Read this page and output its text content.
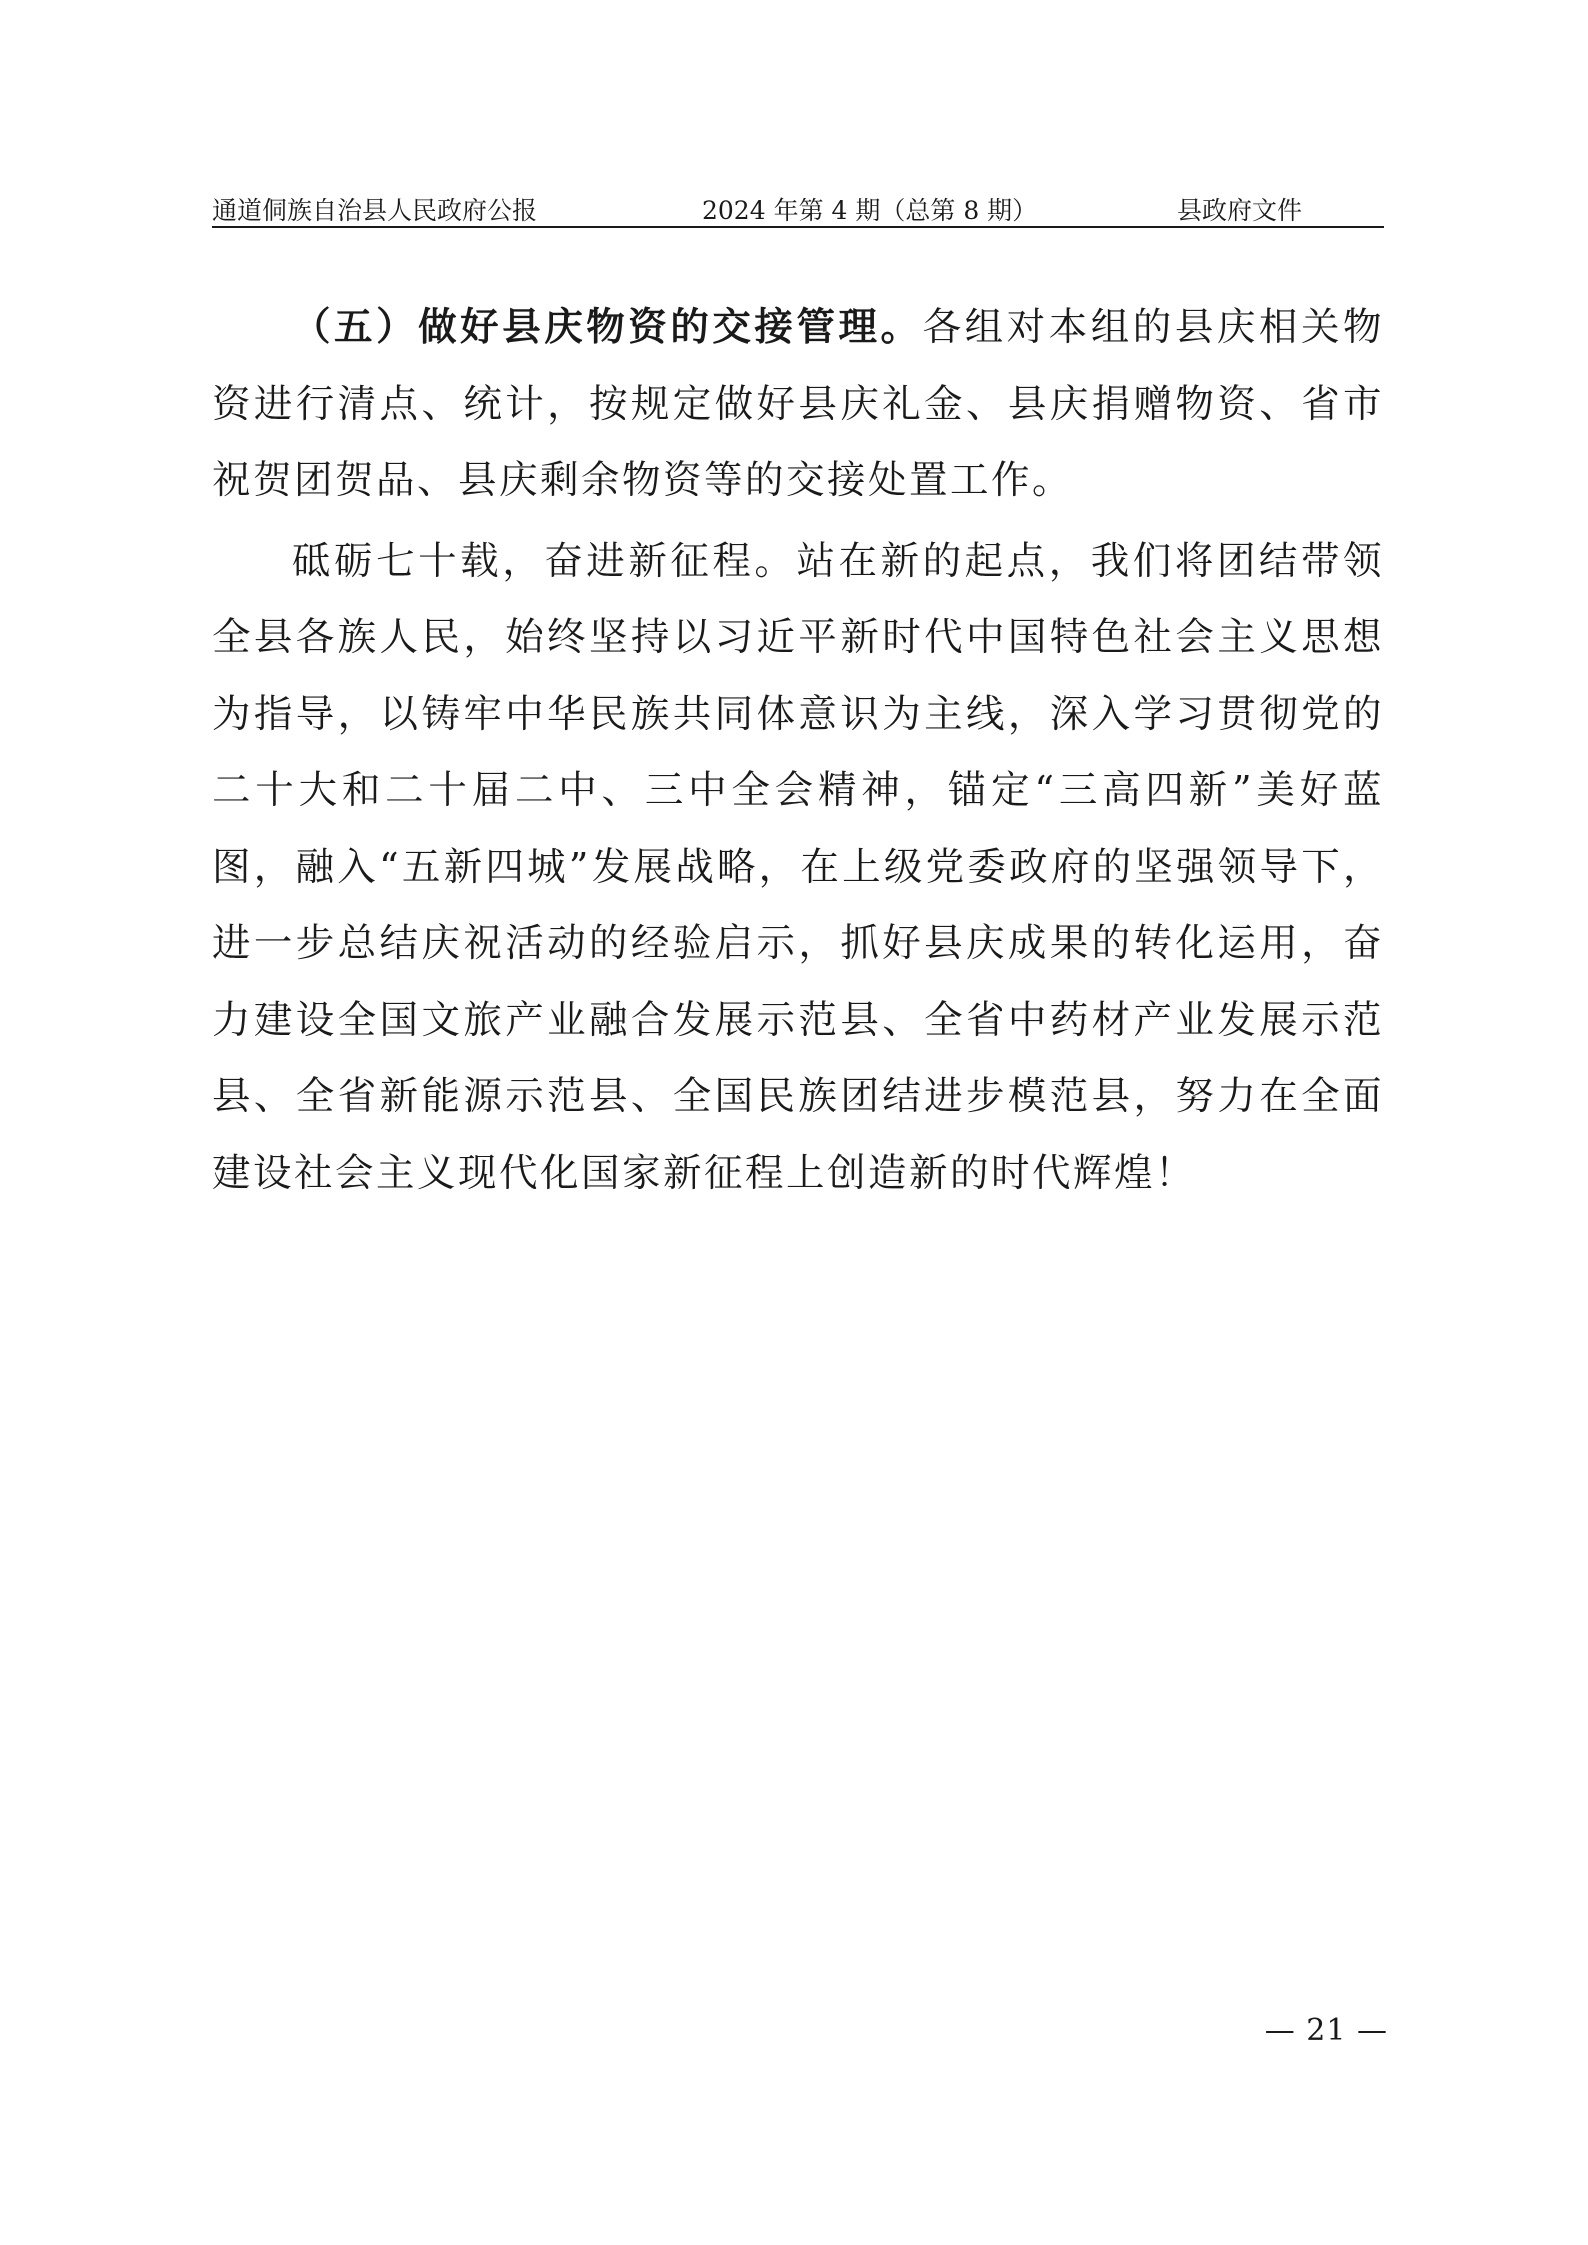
通道侗族自治县人民政府公报	2024 年第 4 期（总第 8 期）	县政府文件

（五）做好县庆物资的交接管理。各组对本组的县庆相关物资进行清点、统计，按规定做好县庆礼金、县庆捐赠物资、省市祝贺团贺品、县庆剩余物资等的交接处置工作。

砥砺七十载，奋进新征程。站在新的起点，我们将团结带领全县各族人民，始终坚持以习近平新时代中国特色社会主义思想为指导，以铸牢中华民族共同体意识为主线，深入学习贯彻党的二十大和二十届二中、三中全会精神，锚定“三高四新”美好蓝图，融入“五新四城”发展战略，在上级党委政府的坚强领导下，进一步总结庆祝活动的经验启示，抓好县庆成果的转化运用，奋力建设全国文旅产业融合发展示范县、全省中药材产业发展示范县、全省新能源示范县、全国民族团结进步模范县，努力在全面建设社会主义现代化国家新征程上创造新的时代辉煌！

— 21 —
